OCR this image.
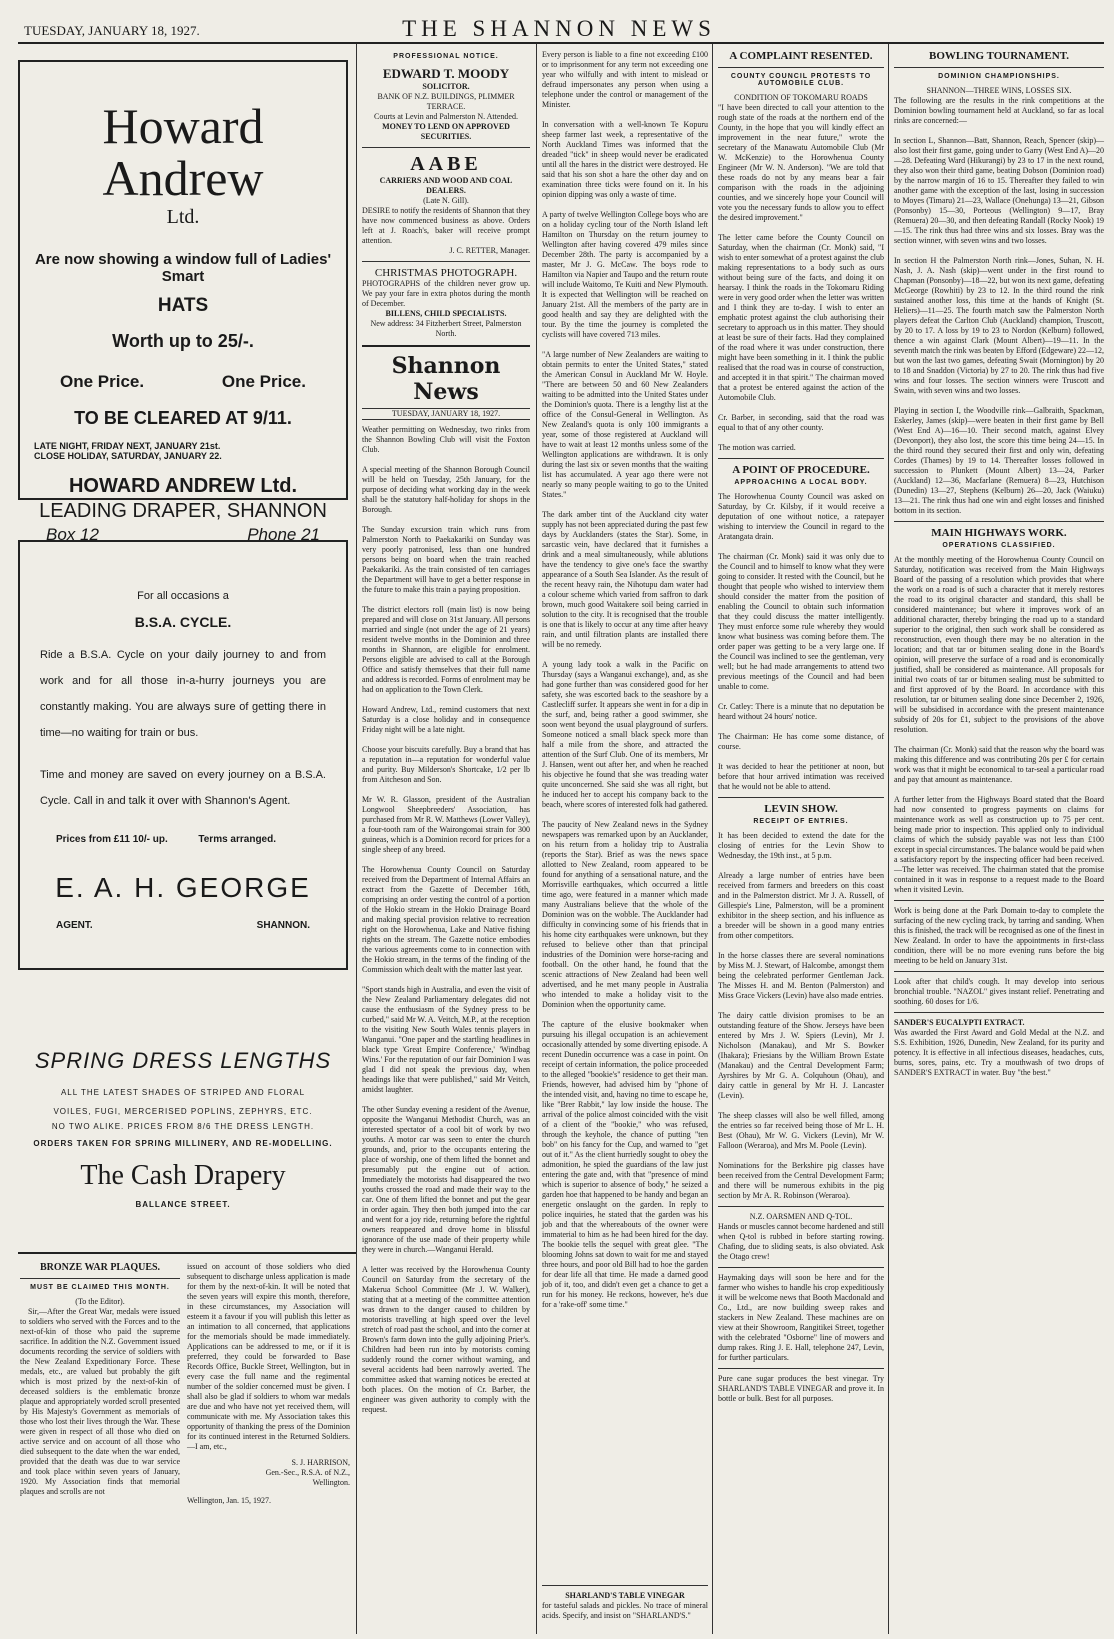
TUESDAY, JANUARY 18, 1927.	THE SHANNON NEWS
Howard Andrew
Ltd.
Are now showing a window full of Ladies' Smart
HATS
Worth up to 25/-.
One Price.	One Price.
TO BE CLEARED AT 9/11.
LATE NIGHT, FRIDAY NEXT, JANUARY 21st.
CLOSE HOLIDAY, SATURDAY, JANUARY 22.
HOWARD ANDREW Ltd.
LEADING DRAPER, SHANNON
Box 12	Phone 21
For all occasions a
B.S.A. CYCLE.
Ride a B.S.A. Cycle on your daily journey to and from work and for all those in-a-hurry journeys you are constantly making. You are always sure of getting there in time—no waiting for train or bus.
Time and money are saved on every journey on a B.S.A. Cycle. Call in and talk it over with Shannon's Agent.
Prices from £11 10/- up.	Terms arranged.
E. A. H. GEORGE
AGENT.	SHANNON.
SPRING DRESS LENGTHS
ALL THE LATEST SHADES OF STRIPED AND FLORAL
VOILES, FUGI, MERCERISED POPLINS, ZEPHYRS, ETC.
NO TWO ALIKE. PRICES FROM 8/6 THE DRESS LENGTH.
ORDERS TAKEN FOR SPRING MILLINERY, AND RE-MODELLING.
The Cash Drapery
BALLANCE STREET.
BRONZE WAR PLAQUES.
MUST BE CLAIMED THIS MONTH.
(To the Editor).
Sir,—After the Great War, medals were issued to soldiers who served with the Forces and to the next-of-kin of those who paid the supreme sacrifice. In addition the N.Z. Government issued documents recording the service of soldiers with the New Zealand Expeditionary Force. These medals, etc., are valued but probably the gift which is most prized by the next-of-kin of deceased soldiers is the emblematic bronze plaque and appropriately worded scroll presented by His Majesty's Government as memorials of those who lost their lives through the War. These were given in respect of all those who died on active service and on account of all those who died subsequent to the date when the war ended, provided that the death was due to war service and took place within seven years of January, 1920. My Association finds that memorial plaques and scrolls are not
issued on account of those soldiers who died subsequent to discharge unless application is made for them by the next-of-kin. It will be noted that the seven years will expire this month, therefore, in these circumstances, my Association will esteem it a favour if you will publish this letter as an intimation to all concerned, that applications for the memorials should be made immediately. Applications can be addressed to me, or if it is preferred, they could be forwarded to Base Records Office, Buckle Street, Wellington, but in every case the full name and the regimental number of the soldier concerned must be given. I shall also be glad if soldiers to whom war medals are due and who have not yet received them, will communicate with me. My Association takes this opportunity of thanking the press of the Dominion for its continued interest in the Returned Soldiers.—I am, etc.,
S. J. HARRISON,
Gen.-Sec., R.S.A. of N.Z.,
Wellington.
Wellington, Jan. 15, 1927.
PROFESSIONAL NOTICE.
EDWARD T. MOODY
SOLICITOR.
BANK OF N.Z. BUILDINGS, PLIMMER TERRACE.
Courts at Levin and Palmerston N. Attended.
MONEY TO LEND ON APPROVED SECURITIES.
AABE
CARRIERS AND WOOD AND COAL DEALERS.
(Late N. Gill).
DESIRE to notify the residents of Shannon that they have now commenced business as above. Orders left at J. Roach's, baker will receive prompt attention.
J. C. RETTER, Manager.
CHRISTMAS PHOTOGRAPH.
PHOTOGRAPHS of the children never grow up. We pay your fare in extra photos during the month of December.
BILLENS, CHILD SPECIALISTS.
New address: 34 Fitzherbert Street, Palmerston North.
Shannon News
TUESDAY, JANUARY 18, 1927.
Weather permitting on Wednesday, two rinks from the Shannon Bowling Club will visit the Foxton Club.

A special meeting of the Shannon Borough Council will be held on Tuesday, 25th January, for the purpose of deciding what working day in the week shall be the statutory half-holiday for shops in the Borough.

The Sunday excursion train which runs from Palmerston North to Paekakariki on Sunday was very poorly patronised, less than one hundred persons being on board when the train reached Paekakariki. As the train consisted of ten carriages the Department will have to get a better response in the future to make this train a paying proposition.

The district electors roll (main list) is now being prepared and will close on 31st January. All persons married and single (not under the age of 21 years) resident twelve months in the Dominion and three months in Shannon, are eligible for enrolment. Persons eligible are advised to call at the Borough Office and satisfy themselves that their full name and address is recorded. Forms of enrolment may be had on application to the Town Clerk.

Howard Andrew, Ltd., remind customers that next Saturday is a close holiday and in consequence Friday night will be a late night.

Choose your biscuits carefully. Buy a brand that has a reputation in—a reputation for wonderful value and purity. Buy Milderson's Shortcake, 1/2 per lb from Aitcheson and Son.

Mr W. R. Glasson, president of the Australian Longwool Sheepbreeders' Association, has purchased from Mr R. W. Matthews (Lower Valley), a four-tooth ram of the Wairongomai strain for 300 guineas, which is a Dominion record for prices for a single sheep of any breed.

The Horowhenua County Council on Saturday received from the Department of Internal Affairs an extract from the Gazette of December 16th, comprising an order vesting the control of a portion of the Hokio stream in the Hokio Drainage Board and making special provision relative to recreation right on the Horowhenua, Lake and Native fishing rights on the stream. The Gazette notice embodies the various agreements come to in connection with the Hokio stream, in the terms of the finding of the Commission which dealt with the matter last year.

"Sport stands high in Australia, and even the visit of the New Zealand Parliamentary delegates did not cause the enthusiasm of the Sydney press to be curbed," said Mr W. A. Veitch, M.P., at the reception to the visiting New South Wales tennis players in Wanganui. "One paper and the startling headlines in black type 'Great Empire Conference,' 'Windbag Wins.' For the reputation of our fair Dominion I was glad I did not speak the previous day, when headings like that were published," said Mr Veitch, amidst laughter.

The other Sunday evening a resident of the Avenue, opposite the Wanganui Methodist Church, was an interested spectator of a cool bit of work by two youths. A motor car was seen to enter the church grounds, and, prior to the occupants entering the place of worship, one of them lifted the bonnet and presumably put the engine out of action. Immediately the motorists had disappeared the two youths crossed the road and made their way to the car. One of them lifted the bonnet and put the gear in order again. They then both jumped into the car and went for a joy ride, returning before the rightful owners reappeared and drove home in blissful ignorance of the use made of their property while they were in church.—Wanganui Herald.

A letter was received by the Horowhenua County Council on Saturday from the secretary of the Makerua School Committee (Mr J. W. Walker), stating that at a meeting of the committee attention was drawn to the danger caused to children by motorists travelling at high speed over the level stretch of road past the school, and into the corner at Brown's farm down into the gully adjoining Prier's. Children had been run into by motorists coming suddenly round the corner without warning, and several accidents had been narrowly averted. The committee asked that warning notices be erected at both places. On the motion of Cr. Barber, the engineer was given authority to comply with the request.
Every person is liable to a fine not exceeding £100 or to imprisonment for any term not exceeding one year who wilfully and with intent to mislead or defraud impersonates any person when using a telephone under the control or management of the Minister.

In conversation with a well-known Te Kopuru sheep farmer last week, a representative of the North Auckland Times was informed that the dreaded "tick" in sheep would never be eradicated until all the hares in the district were destroyed. He said that his son shot a hare the other day and on examination three ticks were found on it. In his opinion dipping was only a waste of time.

A party of twelve Wellington College boys who are on a holiday cycling tour of the North Island left Hamilton on Thursday on the return journey to Wellington after having covered 479 miles since December 28th. The party is accompanied by a master, Mr J. G. McCaw. The boys rode to Hamilton via Napier and Taupo and the return route will include Waitomo, Te Kuiti and New Plymouth. It is expected that Wellington will be reached on January 21st. All the members of the party are in good health and say they are delighted with the tour. By the time the journey is completed the cyclists will have covered 713 miles.

"A large number of New Zealanders are waiting to obtain permits to enter the United States," stated the American Consul in Auckland Mr W. Hoyle. "There are between 50 and 60 New Zealanders waiting to be admitted into the United States under the Dominion's quota. There is a lengthy list at the office of the Consul-General in Wellington. As New Zealand's quota is only 100 immigrants a year, some of those registered at Auckland will have to wait at least 12 months unless some of the Wellington applications are withdrawn. It is only during the last six or seven months that the waiting list has accumulated. A year ago there were not nearly so many people waiting to go to the United States."

The dark amber tint of the Auckland city water supply has not been appreciated during the past few days by Aucklanders (states the Star). Some, in sarcastic vein, have declared that it furnishes a drink and a meal simultaneously, while ablutions have the tendency to give one's face the swarthy appearance of a South Sea Islander. As the result of the recent heavy rain, the Nihotupu dam water had a colour scheme which varied from saffron to dark brown, much good Waitakere soil being carried in solution to the city. It is recognised that the trouble is one that is likely to occur at any time after heavy rain, and until filtration plants are installed there will be no remedy.

A young lady took a walk in the Pacific on Thursday (says a Wanganui exchange), and, as she had gone further than was considered good for her safety, she was escorted back to the seashore by a Castlecliff surfer. It appears she went in for a dip in the surf, and, being rather a good swimmer, she soon went beyond the usual playground of surfers. Someone noticed a small black speck more than half a mile from the shore, and attracted the attention of the Surf Club. One of its members, Mr J. Hansen, went out after her, and when he reached his objective he found that she was treading water quite unconcerned. She said she was all right, but he induced her to accept his company back to the beach, where scores of interested folk had gathered.

The paucity of New Zealand news in the Sydney newspapers was remarked upon by an Aucklander, on his return from a holiday trip to Australia (reports the Star). Brief as was the news space allotted to New Zealand, room appeared to be found for anything of a sensational nature, and the Morrisville earthquakes, which occurred a little time ago, were featured in a manner which made many Australians believe that the whole of the Dominion was on the wobble. The Aucklander had difficulty in convincing some of his friends that in his home city earthquakes were unknown, but they refused to believe other than that principal industries of the Dominion were horse-racing and football. On the other hand, he found that the scenic attractions of New Zealand had been well advertised, and he met many people in Australia who intended to make a holiday visit to the Dominion when the opportunity came.

The capture of the elusive bookmaker when pursuing his illegal occupation is an achievement occasionally attended by some diverting episode. A recent Dunedin occurrence was a case in point. On receipt of certain information, the police proceeded to the alleged "bookie's" residence to get their man. Friends, however, had advised him by "phone of the intended visit, and, having no time to escape he, like "Brer Rabbit," lay low inside the house. The arrival of the police almost coincided with the visit of a client of the "bookie," who was refused, through the keyhole, the chance of putting "ten bob" on his fancy for the Cup, and warned to "get out of it." As the client hurriedly sought to obey the admonition, he spied the guardians of the law just entering the gate and, with that "presence of mind which is superior to absence of body," he seized a garden hoe that happened to be handy and began an energetic onslaught on the garden. In reply to police inquiries, he stated that the garden was his job and that the whereabouts of the owner were immaterial to him as he had been hired for the day. The bookie tells the sequel with great glee. "The blooming Johns sat down to wait for me and stayed three hours, and poor old Bill had to hoe the garden for dear life all that time. He made a darned good job of it, too, and didn't even get a chance to get a run for his money. He reckons, however, he's due for a 'rake-off' some time."
SHARLAND'S TABLE VINEGAR
for tasteful salads and pickles. No trace of mineral acids. Specify, and insist on "SHARLAND'S."
A COMPLAINT RESENTED.
COUNTY COUNCIL PROTESTS TO AUTOMOBILE CLUB.
CONDITION OF TOKOMARU ROADS
"I have been directed to call your attention to the rough state of the roads at the northern end of the County, in the hope that you will kindly effect an improvement in the near future," wrote the secretary of the Manawatu Automobile Club (Mr W. McKenzie) to the Horowhenua County Engineer (Mr W. N. Anderson). "We are told that these roads do not by any means bear a fair comparison with the roads in the adjoining counties, and we sincerely hope your Council will vote you the necessary funds to allow you to effect the desired improvement."

The letter came before the County Council on Saturday, when the chairman (Cr. Monk) said, "I wish to enter somewhat of a protest against the club making representations to a body such as ours without being sure of the facts, and doing it on hearsay. I think the roads in the Tokomaru Riding were in very good order when the letter was written and I think they are to-day. I wish to enter an emphatic protest against the club authorising their secretary to approach us in this matter. They should at least be sure of their facts. Had they complained of the road where it was under construction, there might have been something in it. I think the public realised that the road was in course of construction, and accepted it in that spirit." The chairman moved that a protest be entered against the action of the Automobile Club.

Cr. Barber, in seconding, said that the road was equal to that of any other county.

The motion was carried.
A POINT OF PROCEDURE.
APPROACHING A LOCAL BODY.
The Horowhenua County Council was asked on Saturday, by Cr. Kilsby, if it would receive a deputation of one without notice, a ratepayer wishing to interview the Council in regard to the Aratangata drain.

The chairman (Cr. Monk) said it was only due to the Council and to himself to know what they were going to consider. It rested with the Council, but he thought that people who wished to interview them should consider the matter from the position of enabling the Council to obtain such information that they could discuss the matter intelligently. They must enforce some rule whereby they would know what business was coming before them. The order paper was getting to be a very large one. If the Council was inclined to see the gentleman, very well; but he had made arrangements to attend two previous meetings of the Council and had been unable to come.

Cr. Catley: There is a minute that no deputation be heard without 24 hours' notice.

The Chairman: He has come some distance, of course.

It was decided to hear the petitioner at noon, but before that hour arrived intimation was received that he would not be able to attend.
LEVIN SHOW.
RECEIPT OF ENTRIES.
It has been decided to extend the date for the closing of entries for the Levin Show to Wednesday, the 19th inst., at 5 p.m.

Already a large number of entries have been received from farmers and breeders on this coast and in the Palmerston district. Mr J. A. Russell, of Gillespie's Line, Palmerston, will be a prominent exhibitor in the sheep section, and his influence as a breeder will be shown in a good many entries from other competitors.

In the horse classes there are several nominations by Miss M. J. Stewart, of Halcombe, amongst them being the celebrated performer Gentleman Jack. The Misses H. and M. Benton (Palmerston) and Miss Grace Vickers (Levin) have also made entries.

The dairy cattle division promises to be an outstanding feature of the Show. Jerseys have been entered by Mrs J. W. Spiers (Levin), Mr J. Nicholson (Manakau), and Mr S. Bowker (Ihakara); Friesians by the William Brown Estate (Manakau) and the Central Development Farm; Ayrshires by Mr G. A. Colquhoun (Ohau), and dairy cattle in general by Mr H. J. Lancaster (Levin).

The sheep classes will also be well filled, among the entries so far received being those of Mr L. H. Best (Ohau), Mr W. G. Vickers (Levin), Mr W. Falloon (Weraroa), and Mrs M. Poole (Levin).

Nominations for the Berkshire pig classes have been received from the Central Development Farm; and there will be numerous exhibits in the pig section by Mr A. R. Robinson (Weraroa).
N.Z. OARSMEN AND Q-TOL.
Hands or muscles cannot become hardened and still when Q-tol is rubbed in before starting rowing. Chafing, due to sliding seats, is also obviated. Ask the Otago crew!
Haymaking days will soon be here and for the farmer who wishes to handle his crop expeditiously it will be welcome news that Booth Macdonald and Co., Ltd., are now building sweep rakes and stackers in New Zealand. These machines are on view at their Showroom, Rangitikei Street, together with the celebrated "Osborne" line of mowers and dump rakes. Ring J. E. Hall, telephone 247, Levin, for further particulars.
Pure cane sugar produces the best vinegar. Try SHARLAND'S TABLE VINEGAR and prove it. In bottle or bulk. Best for all purposes.
BOWLING TOURNAMENT.
DOMINION CHAMPIONSHIPS.
SHANNON—THREE WINS, LOSSES SIX.
The following are the results in the rink competitions at the Dominion bowling tournament held at Auckland, so far as local rinks are concerned:—

In section L, Shannon—Batt, Shannon, Reach, Spencer (skip)—also lost their first game, going under to Garry (West End A)—20—28. Defeating Ward (Hikurangi) by 23 to 17 in the next round, they also won their third game, beating Dobson (Dominion road) by the narrow margin of 16 to 15. Thereafter they failed to win another game with the exception of the last, losing in succession to Moyes (Timaru) 21—23, Wallace (Onehunga) 13—21, Gibson (Ponsonby) 15—30, Porteous (Wellington) 9—17, Bray (Remuera) 20—30, and then defeating Randall (Rocky Nook) 19—15. The rink thus had three wins and six losses. Bray was the section winner, with seven wins and two losses.

In section H the Palmerston North rink—Jones, Suhan, N. H. Nash, J. A. Nash (skip)—went under in the first round to Chapman (Ponsonby)—18—22, but won its next game, defeating McGeorge (Rowhiti) by 23 to 12. In the third round the rink sustained another loss, this time at the hands of Knight (St. Heliers)—11—25. The fourth match saw the Palmerston North players defeat the Carlton Club (Auckland) champion, Truscott, by 20 to 17. A loss by 19 to 23 to Nordon (Kelburn) followed, thence a win against Clark (Mount Albert)—19—11. In the seventh match the rink was beaten by Efford (Edgeware) 22—12, but won the last two games, defeating Swait (Mornington) by 20 to 18 and Snaddon (Victoria) by 27 to 20. The rink thus had five wins and four losses. The section winners were Truscott and Swain, with seven wins and two losses.

Playing in section I, the Woodville rink—Galbraith, Spackman, Eskerley, James (skip)—were beaten in their first game by Bell (West End A)—16—10. Their second match, against Elvey (Devonport), they also lost, the score this time being 24—15. In the third round they secured their first and only win, defeating Cordes (Thames) by 19 to 14. Thereafter losses followed in succession to Plunkett (Mount Albert) 13—24, Parker (Auckland) 12—36, Macfarlane (Remuera) 8—23, Hutchison (Dunedin) 13—27, Stephens (Kelburn) 26—20, Jack (Waiuku) 13—21. The rink thus had one win and eight losses and finished bottom in its section.
MAIN HIGHWAYS WORK.
OPERATIONS CLASSIFIED.
At the monthly meeting of the Horowhenua County Council on Saturday, notification was received from the Main Highways Board of the passing of a resolution which provides that where the work on a road is of such a character that it merely restores the road to its original character and standard, this shall be considered maintenance; but where it improves work of an additional character, thereby bringing the road up to a standard superior to the original, then such work shall be considered as reconstruction, even though there may be no alteration in the location; and that tar or bitumen sealing done in the Board's opinion, will preserve the surface of a road and is economically justified, shall be considered as maintenance. All proposals for initial two coats of tar or bitumen sealing must be submitted to and first approved of by the Board. In accordance with this resolution, tar or bitumen sealing done since December 2, 1926, will be subsidised in accordance with the present maintenance subsidy of 20s for £1, subject to the provisions of the above resolution.

The chairman (Cr. Monk) said that the reason why the board was making this difference and was contributing 20s per £ for certain work was that it might be economical to tar-seal a particular road and pay that amount as maintenance.

A further letter from the Highways Board stated that the Board had now consented to progress payments on claims for maintenance work as well as construction up to 75 per cent. being made prior to inspection. This applied only to individual claims of which the subsidy payable was not less than £100 except in special circumstances. The balance would be paid when a satisfactory report by the inspecting officer had been received.—The letter was received. The chairman stated that the promise contained in it was in response to a request made to the Board when it visited Levin.
Work is being done at the Park Domain to-day to complete the surfacing of the new cycling track, by tarring and sanding. When this is finished, the track will be recognised as one of the finest in New Zealand. In order to have the appointments in first-class condition, there will be no more evening runs before the big meeting to be held on January 31st.
Look after that child's cough. It may develop into serious bronchial trouble. "NAZOL" gives instant relief. Penetrating and soothing. 60 doses for 1/6.
SANDER'S EUCALYPTI EXTRACT.
Was awarded the First Award and Gold Medal at the N.Z. and S.S. Exhibition, 1926, Dunedin, New Zealand, for its purity and potency. It is effective in all infectious diseases, headaches, cuts, burns, sores, pains, etc. Try a mouthwash of two drops of SANDER'S EXTRACT in water. Buy "the best."
